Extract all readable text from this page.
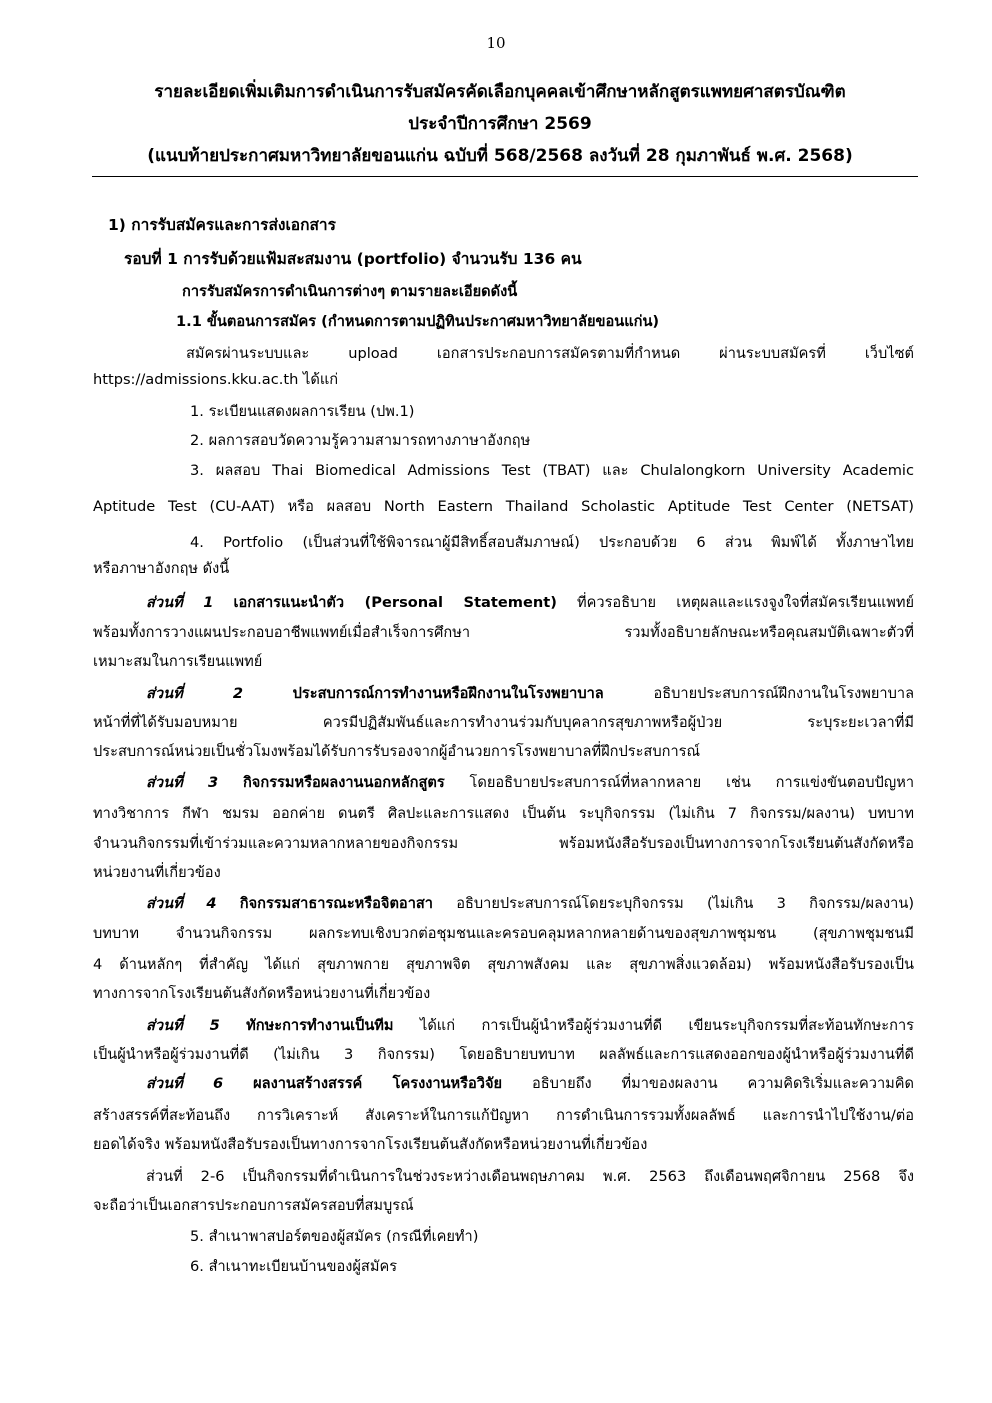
10
รายละเอียดเพิ่มเติมการดำเนินการรับสมัครคัดเลือกบุคคลเข้าศึกษาหลักสูตรแพทยศาสตรบัณฑิต
ประจำปีการศึกษา 2569
(แนบท้ายประกาศมหาวิทยาลัยขอนแก่น ฉบับที่ 568/2568 ลงวันที่ 28 กุมภาพันธ์ พ.ศ. 2568)
1) การรับสมัครและการส่งเอกสาร
รอบที่ 1 การรับด้วยแฟ้มสะสมงาน (portfolio) จำนวนรับ 136 คน
การรับสมัครการดำเนินการต่างๆ ตามรายละเอียดดังนี้
1.1 ขั้นตอนการสมัคร (กำหนดการตามปฏิทินประกาศมหาวิทยาลัยขอนแก่น)
สมัครผ่านระบบและ upload เอกสารประกอบการสมัครตามที่กำหนด ผ่านระบบสมัครที่ เว็บไซต์
https://admissions.kku.ac.th ได้แก่
1. ระเบียนแสดงผลการเรียน (ปพ.1)
2. ผลการสอบวัดความรู้ความสามารถทางภาษาอังกฤษ
3. ผลสอบ Thai Biomedical Admissions Test (TBAT) และ Chulalongkorn University Academic
Aptitude Test (CU-AAT) หรือ ผลสอบ North Eastern Thailand Scholastic Aptitude Test Center (NETSAT)
4. Portfolio (เป็นส่วนที่ใช้พิจารณาผู้มีสิทธิ์สอบสัมภาษณ์) ประกอบด้วย 6 ส่วน พิมพ์ได้ ทั้งภาษาไทย
หรือภาษาอังกฤษ ดังนี้
ส่วนที่ 1 เอกสารแนะนำตัว (Personal Statement) ที่ควรอธิบาย เหตุผลและแรงจูงใจที่สมัครเรียนแพทย์
พร้อมทั้งการวางแผนประกอบอาชีพแพทย์เมื่อสำเร็จการศึกษา รวมทั้งอธิบายลักษณะหรือคุณสมบัติเฉพาะตัวที่
เหมาะสมในการเรียนแพทย์
ส่วนที่ 2	ประสบการณ์การทำงานหรือฝึกงานในโรงพยาบาล	อธิบายประสบการณ์ฝึกงานในโรงพยาบาล
หน้าที่ที่ได้รับมอบหมาย ควรมีปฏิสัมพันธ์และการทำงานร่วมกับบุคลากรสุขภาพหรือผู้ป่วย ระบุระยะเวลาที่มี
ประสบการณ์หน่วยเป็นชั่วโมงพร้อมได้รับการรับรองจากผู้อำนวยการโรงพยาบาลที่ฝึกประสบการณ์
ส่วนที่ 3 กิจกรรมหรือผลงานนอกหลักสูตร โดยอธิบายประสบการณ์ที่หลากหลาย เช่น การแข่งขันตอบปัญหา
ทางวิชาการ กีฬา ชมรม ออกค่าย ดนตรี ศิลปะและการแสดง เป็นต้น ระบุกิจกรรม (ไม่เกิน 7 กิจกรรม/ผลงาน) บทบาท
จำนวนกิจกรรมที่เข้าร่วมและความหลากหลายของกิจกรรม พร้อมหนังสือรับรองเป็นทางการจากโรงเรียนต้นสังกัดหรือ
หน่วยงานที่เกี่ยวข้อง
ส่วนที่ 4 กิจกรรมสาธารณะหรือจิตอาสา อธิบายประสบการณ์โดยระบุกิจกรรม (ไม่เกิน 3 กิจกรรม/ผลงาน)
บทบาท จำนวนกิจกรรม ผลกระทบเชิงบวกต่อชุมชนและครอบคลุมหลากหลายด้านของสุขภาพชุมชน (สุขภาพชุมชนมี
4 ด้านหลักๆ ที่สำคัญ ได้แก่ สุขภาพกาย สุขภาพจิต สุขภาพสังคม และ สุขภาพสิ่งแวดล้อม) พร้อมหนังสือรับรองเป็น
ทางการจากโรงเรียนต้นสังกัดหรือหน่วยงานที่เกี่ยวข้อง
ส่วนที่ 5 ทักษะการทำงานเป็นทีม ได้แก่ การเป็นผู้นำหรือผู้ร่วมงานที่ดี เขียนระบุกิจกรรมที่สะท้อนทักษะการ
เป็นผู้นำหรือผู้ร่วมงานที่ดี (ไม่เกิน 3 กิจกรรม) โดยอธิบายบทบาท ผลลัพธ์และการแสดงออกของผู้นำหรือผู้ร่วมงานที่ดี
ส่วนที่ 6 ผลงานสร้างสรรค์ โครงงานหรือวิจัย อธิบายถึง ที่มาของผลงาน ความคิดริเริ่มและความคิด
สร้างสรรค์ที่สะท้อนถึง การวิเคราะห์ สังเคราะห์ในการแก้ปัญหา การดำเนินการรวมทั้งผลลัพธ์ และการนำไปใช้งาน/ต่อ
ยอดได้จริง พร้อมหนังสือรับรองเป็นทางการจากโรงเรียนต้นสังกัดหรือหน่วยงานที่เกี่ยวข้อง
ส่วนที่ 2-6 เป็นกิจกรรมที่ดำเนินการในช่วงระหว่างเดือนพฤษภาคม พ.ศ. 2563 ถึงเดือนพฤศจิกายน 2568 จึง
จะถือว่าเป็นเอกสารประกอบการสมัครสอบที่สมบูรณ์
5. สำเนาพาสปอร์ตของผู้สมัคร (กรณีที่เคยทำ)
6. สำเนาทะเบียนบ้านของผู้สมัคร
